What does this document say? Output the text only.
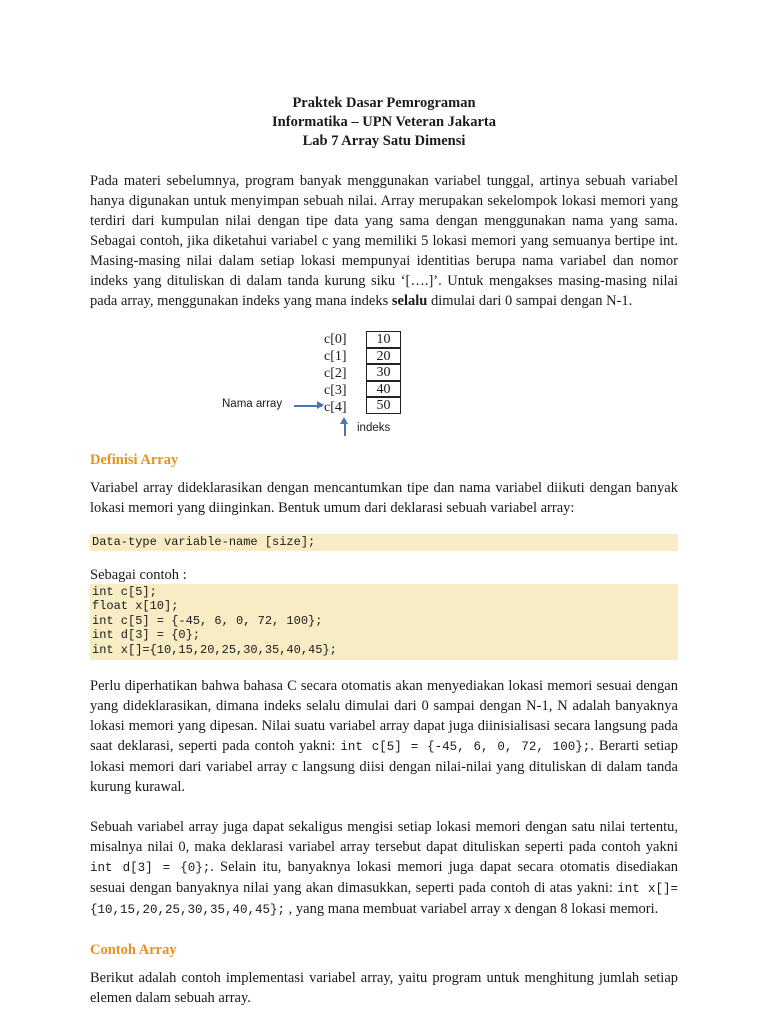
Praktek Dasar Pemrograman
Informatika – UPN Veteran Jakarta
Lab 7 Array Satu Dimensi

Pada materi sebelumnya, program banyak menggunakan variabel tunggal, artinya sebuah variabel hanya digunakan untuk menyimpan sebuah nilai. Array merupakan sekelompok lokasi memori yang terdiri dari kumpulan nilai dengan tipe data yang sama dengan menggunakan nama yang sama. Sebagai contoh, jika diketahui variabel c yang memiliki 5 lokasi memori yang semuanya bertipe int. Masing-masing nilai dalam setiap lokasi mempunyai identitias berupa nama variabel dan nomor indeks yang dituliskan di dalam tanda kurung siku ‘[….]’. Untuk mengakses masing-masing nilai pada array, menggunakan indeks yang mana indeks selalu dimulai dari 0 sampai dengan N-1.

c[0]
c[1]
c[2]
c[3]
c[4]
10
20
30
40
50
Nama array
indeks
Definisi Array

Variabel array dideklarasikan dengan mencantumkan tipe dan nama variabel diikuti dengan banyak lokasi memori yang diinginkan. Bentuk umum dari deklarasi sebuah variabel array:

Data-type variable-name [size];

Sebagai contoh :

int c[5];
float x[10];
int c[5] = {-45, 6, 0, 72, 100};
int d[3] = {0};
int x[]={10,15,20,25,30,35,40,45};

Perlu diperhatikan bahwa bahasa C secara otomatis akan menyediakan lokasi memori sesuai dengan yang dideklarasikan, dimana indeks selalu dimulai dari 0 sampai dengan N-1, N adalah banyaknya lokasi memori yang dipesan. Nilai suatu variabel array dapat juga diinisialisasi secara langsung pada saat deklarasi, seperti pada contoh yakni: int c[5] = {-45, 6, 0, 72, 100};. Berarti setiap lokasi memori dari variabel array c langsung diisi dengan nilai-nilai yang dituliskan di dalam tanda kurung kurawal.

Sebuah variabel array juga dapat sekaligus mengisi setiap lokasi memori dengan satu nilai tertentu, misalnya nilai 0, maka deklarasi variabel array tersebut dapat dituliskan seperti pada contoh yakni int d[3] = {0};. Selain itu, banyaknya lokasi memori juga dapat secara otomatis disediakan sesuai dengan banyaknya nilai yang akan dimasukkan, seperti pada contoh di atas yakni: int x[]={10,15,20,25,30,35,40,45}; , yang mana membuat variabel array x dengan 8 lokasi memori.

Contoh Array

Berikut adalah contoh implementasi variabel array, yaitu program untuk menghitung jumlah setiap elemen dalam sebuah array.
